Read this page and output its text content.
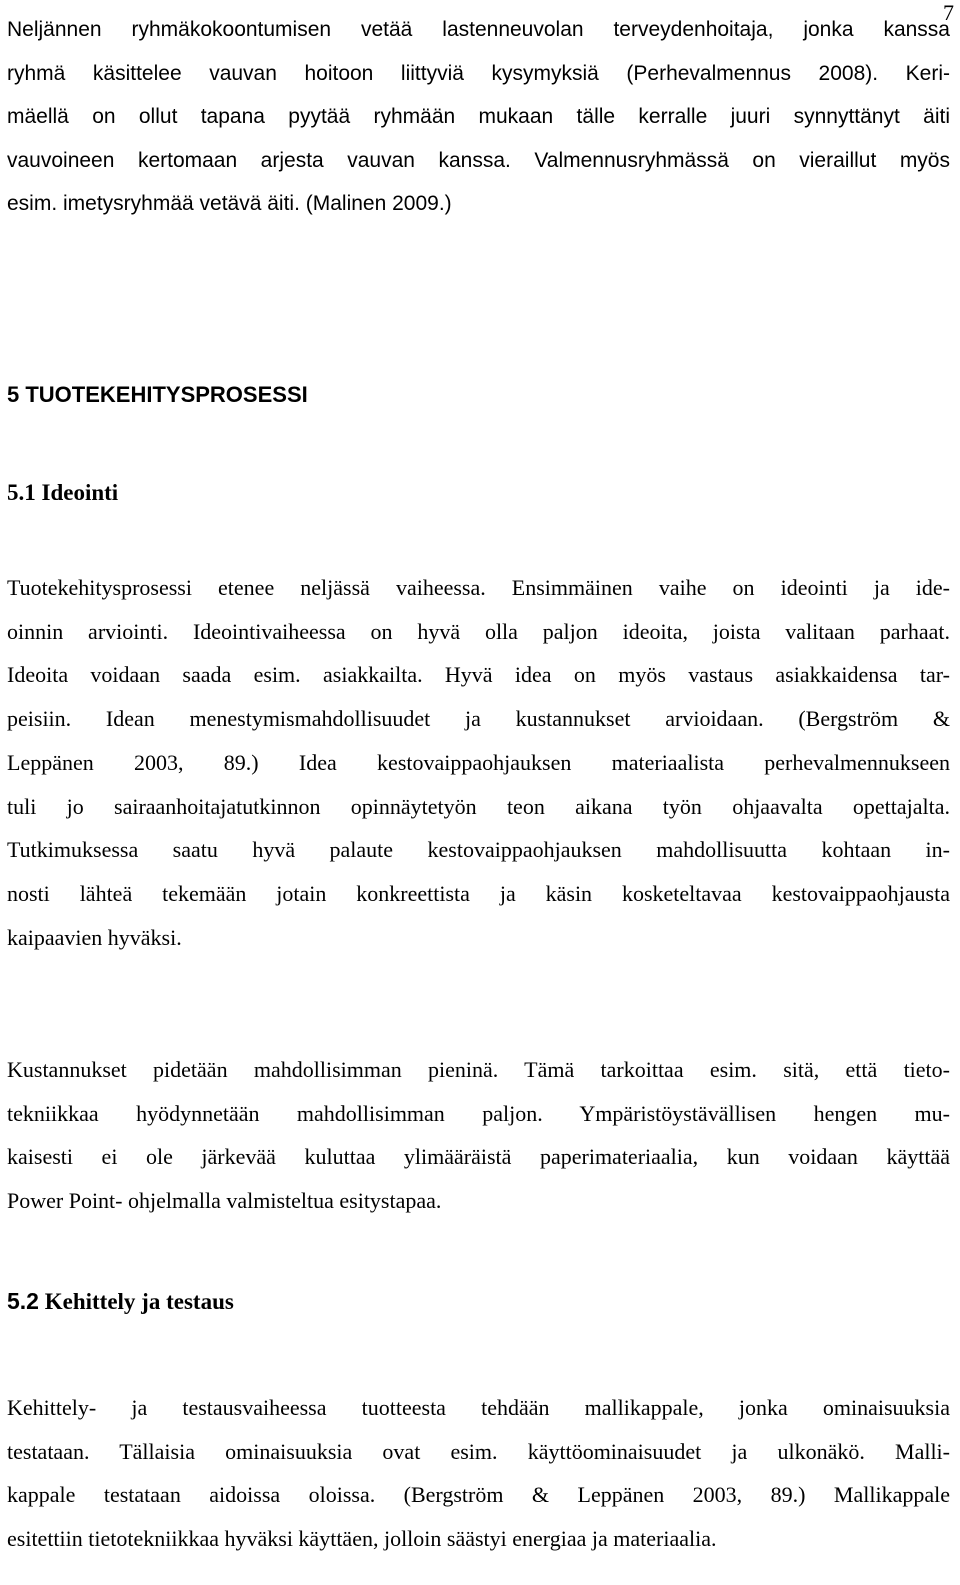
7
Neljännen ryhmäkokoontumisen vetää lastenneuvolan terveydenhoitaja, jonka kanssa
ryhmä käsittelee vauvan hoitoon liittyviä kysymyksiä (Perhevalmennus 2008). Keri-
mäellä on ollut tapana pyytää ryhmään mukaan tälle kerralle juuri synnyttänyt äiti
vauvoineen kertomaan arjesta vauvan kanssa. Valmennusryhmässä on vieraillut myös
esim. imetysryhmää vetävä äiti. (Malinen 2009.)
5 TUOTEKEHITYSPROSESSI
5.1 Ideointi
Tuotekehitysprosessi etenee neljässä vaiheessa. Ensimmäinen vaihe on ideointi ja ide-
oinnin arviointi. Ideointivaiheessa on hyvä olla paljon ideoita, joista valitaan parhaat.
Ideoita voidaan saada esim. asiakkailta. Hyvä idea on myös vastaus asiakkaidensa tar-
peisiin. Idean menestymismahdollisuudet ja kustannukset arvioidaan. (Bergström &
Leppänen 2003, 89.) Idea kestovaippaohjauksen materiaalista perhevalmennukseen
tuli jo sairaanhoitajatutkinnon opinnäytetyön teon aikana työn ohjaavalta opettajalta.
Tutkimuksessa saatu hyvä palaute kestovaippaohjauksen mahdollisuutta kohtaan in-
nosti lähteä tekemään jotain konkreettista ja käsin kosketeltavaa kestovaippaohjausta
kaipaavien hyväksi.
Kustannukset pidetään mahdollisimman pieninä. Tämä tarkoittaa esim. sitä, että tieto-
tekniikkaa hyödynnetään mahdollisimman paljon. Ympäristöystävällisen hengen mu-
kaisesti ei ole järkevää kuluttaa ylimääräistä paperimateriaalia, kun voidaan käyttää
Power Point- ohjelmalla valmisteltua esitystapaa.
5.2 Kehittely ja testaus
Kehittely- ja testausvaiheessa tuotteesta tehdään mallikappale, jonka ominaisuuksia
testataan. Tällaisia ominaisuuksia ovat esim. käyttöominaisuudet ja ulkonäkö. Malli-
kappale testataan aidoissa oloissa. (Bergström & Leppänen 2003, 89.) Mallikappale
esitettiin tietotekniikkaa hyväksi käyttäen, jolloin säästyi energiaa ja materiaalia.
